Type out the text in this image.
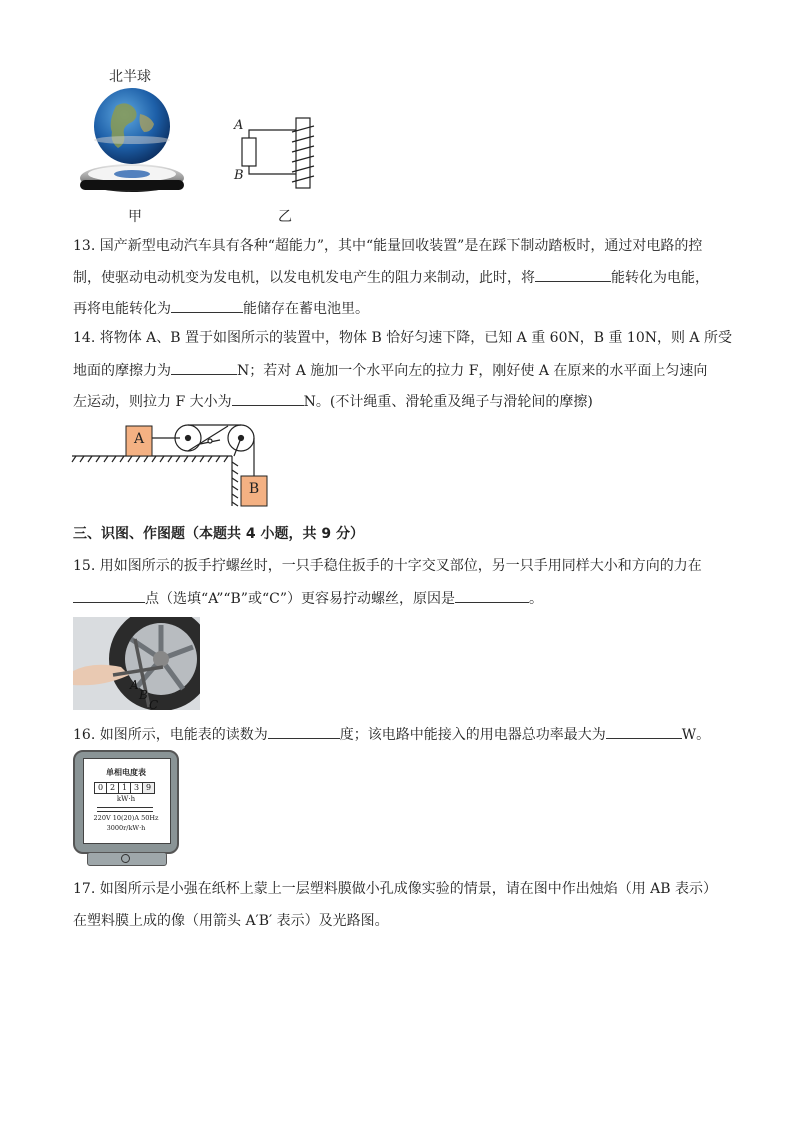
北半球
甲
A
B
乙
13. 国产新型电动汽车具有各种“超能力”，其中“能量回收装置”是在踩下制动踏板时，通过对电路的控
制，使驱动电动机变为发电机，以发电机发电产生的阻力来制动，此时，将	能转化为电能，
再将电能转化为	能储存在蓄电池里。
14. 将物体 A、B 置于如图所示的装置中，物体 B 恰好匀速下降，已知 A 重 60N，B 重 10N，则 A 所受
地面的摩擦力为	N；若对 A 施加一个水平向左的拉力 F，刚好使 A 在原来的水平面上匀速向
左运动，则拉力 F 大小为	N。(不计绳重、滑轮重及绳子与滑轮间的摩擦)
A
B
三、识图、作图题（本题共 4 小题，共 9 分）
15. 用如图所示的扳手拧螺丝时，一只手稳住扳手的十字交叉部位，另一只手用同样大小和方向的力在
点（选填“A”“B”或“C”）更容易拧动螺丝，原因是	。
A
B
C
16. 如图所示，电能表的读数为	度；该电路中能接入的用电器总功率最大为	W。
单相电度表
0 2 1 3 9
kW·h
220V 10(20)A 50Hz
3000r/kW·h
17. 如图所示是小强在纸杯上蒙上一层塑料膜做小孔成像实验的情景，请在图中作出烛焰（用 AB 表示）
在塑料膜上成的像（用箭头 A′B′ 表示）及光路图。
